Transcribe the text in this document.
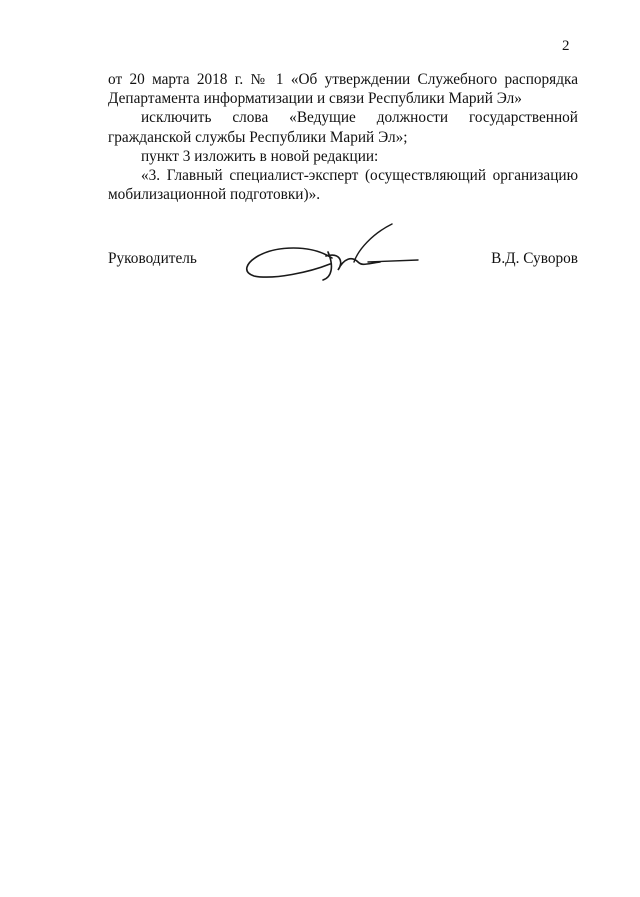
2

от 20 марта 2018 г. № 1 «Об утверждении Служебного распорядка Департамента информатизации и связи Республики Марий Эл»

исключить слова «Ведущие должности государственной гражданской службы Республики Марий Эл»;

пункт 3 изложить в новой редакции:

«3. Главный специалист-эксперт (осуществляющий организацию мобилизационной подготовки)».

Руководитель	В.Д. Суворов
